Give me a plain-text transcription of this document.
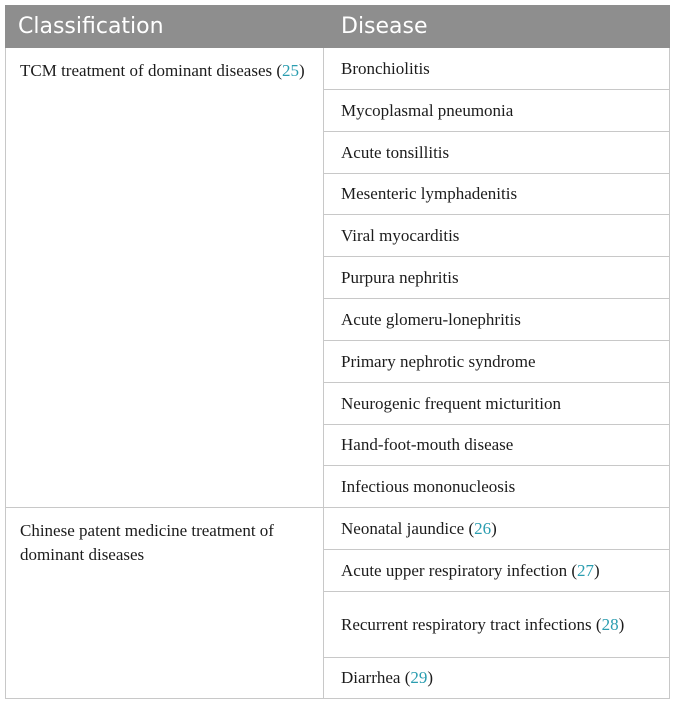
Classification	Disease
TCM treatment of dominant diseases (25)	Bronchiolitis
	Mycoplasmal pneumonia
	Acute tonsillitis
	Mesenteric lymphadenitis
	Viral myocarditis
	Purpura nephritis
	Acute glomeru-lonephritis
	Primary nephrotic syndrome
	Neurogenic frequent micturition
	Hand-foot-mouth disease
	Infectious mononucleosis
Chinese patent medicine treatment of dominant diseases	Neonatal jaundice (26)
	Acute upper respiratory infection (27)
	Recurrent respiratory tract infections (28)
	Diarrhea (29)
